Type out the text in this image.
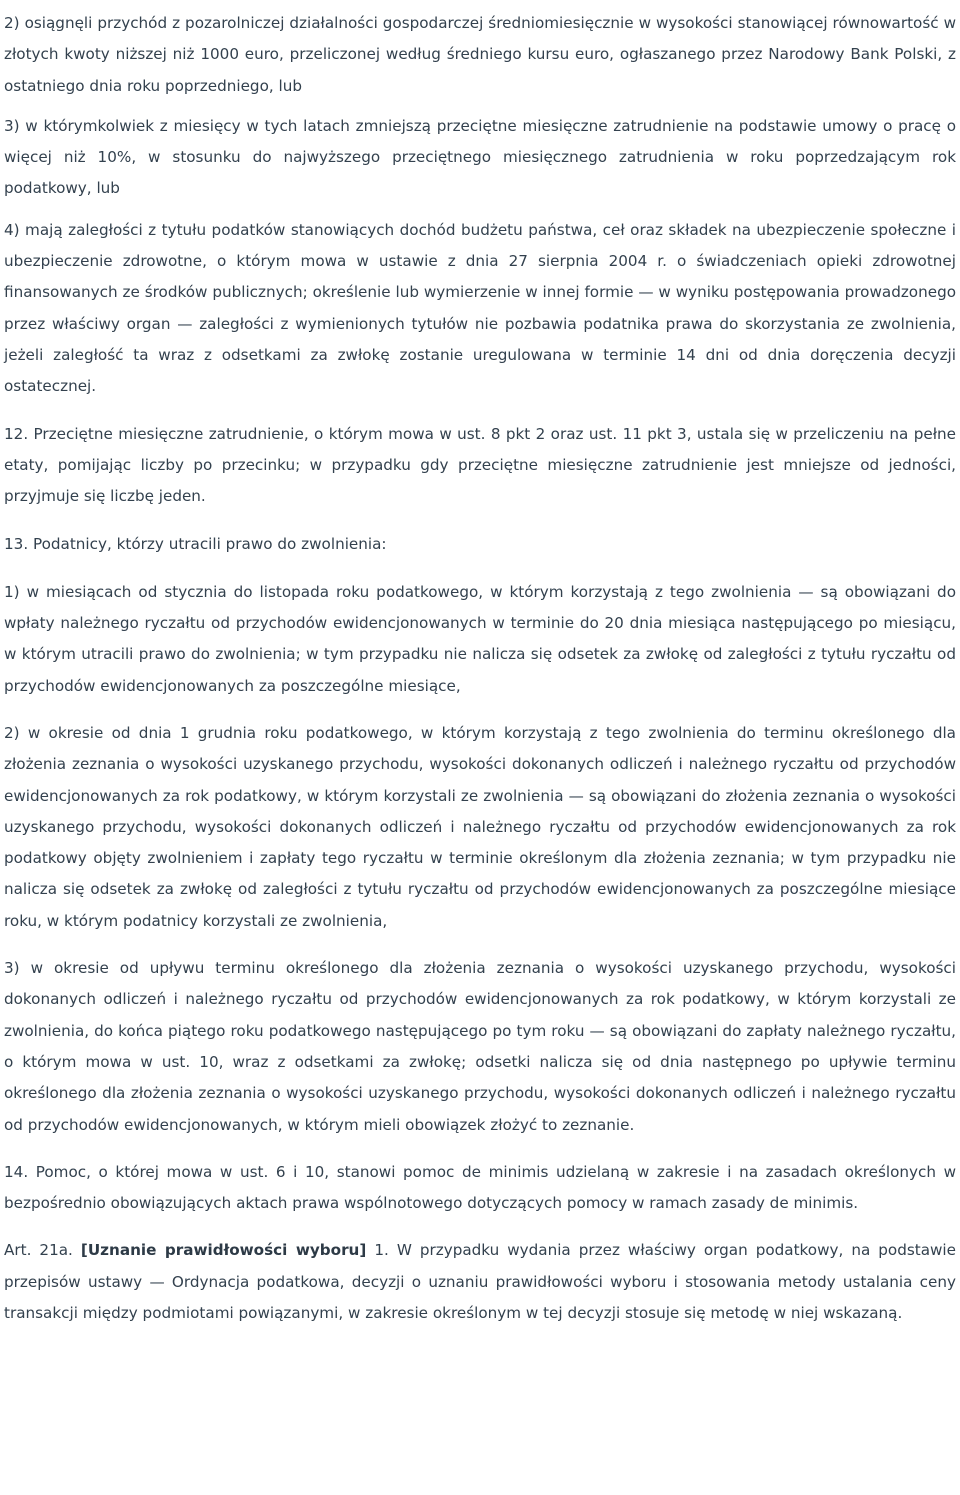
2) osiągnęli przychód z pozarolniczej działalności gospodarczej średniomiesięcznie w wysokości stanowiącej równowartość w złotych kwoty niższej niż 1000 euro, przeliczonej według średniego kursu euro, ogłaszanego przez Narodowy Bank Polski, z ostatniego dnia roku poprzedniego, lub

3) w którymkolwiek z miesięcy w tych latach zmniejszą przeciętne miesięczne zatrudnienie na podstawie umowy o pracę o więcej niż 10%, w stosunku do najwyższego przeciętnego miesięcznego zatrudnienia w roku poprzedzającym rok podatkowy, lub

4) mają zaległości z tytułu podatków stanowiących dochód budżetu państwa, ceł oraz składek na ubezpieczenie społeczne i ubezpieczenie zdrowotne, o którym mowa w ustawie z dnia 27 sierpnia 2004 r. o świadczeniach opieki zdrowotnej finansowanych ze środków publicznych; określenie lub wymierzenie w innej formie — w wyniku postępowania prowadzonego przez właściwy organ — zaległości z wymienionych tytułów nie pozbawia podatnika prawa do skorzystania ze zwolnienia, jeżeli zaległość ta wraz z odsetkami za zwłokę zostanie uregulowana w terminie 14 dni od dnia doręczenia decyzji ostatecznej.

12. Przeciętne miesięczne zatrudnienie, o którym mowa w ust. 8 pkt 2 oraz ust. 11 pkt 3, ustala się w przeliczeniu na pełne etaty, pomijając liczby po przecinku; w przypadku gdy przeciętne miesięczne zatrudnienie jest mniejsze od jedności, przyjmuje się liczbę jeden.

13. Podatnicy, którzy utracili prawo do zwolnienia:

1) w miesiącach od stycznia do listopada roku podatkowego, w którym korzystają z tego zwolnienia — są obowiązani do wpłaty należnego ryczałtu od przychodów ewidencjonowanych w terminie do 20 dnia miesiąca następującego po miesiącu, w którym utracili prawo do zwolnienia; w tym przypadku nie nalicza się odsetek za zwłokę od zaległości z tytułu ryczałtu od przychodów ewidencjonowanych za poszczególne miesiące,

2) w okresie od dnia 1 grudnia roku podatkowego, w którym korzystają z tego zwolnienia do terminu określonego dla złożenia zeznania o wysokości uzyskanego przychodu, wysokości dokonanych odliczeń i należnego ryczałtu od przychodów ewidencjonowanych za rok podatkowy, w którym korzystali ze zwolnienia — są obowiązani do złożenia zeznania o wysokości uzyskanego przychodu, wysokości dokonanych odliczeń i należnego ryczałtu od przychodów ewidencjonowanych za rok podatkowy objęty zwolnieniem i zapłaty tego ryczałtu w terminie określonym dla złożenia zeznania; w tym przypadku nie nalicza się odsetek za zwłokę od zaległości z tytułu ryczałtu od przychodów ewidencjonowanych za poszczególne miesiące roku, w którym podatnicy korzystali ze zwolnienia,

3) w okresie od upływu terminu określonego dla złożenia zeznania o wysokości uzyskanego przychodu, wysokości dokonanych odliczeń i należnego ryczałtu od przychodów ewidencjonowanych za rok podatkowy, w którym korzystali ze zwolnienia, do końca piątego roku podatkowego następującego po tym roku — są obowiązani do zapłaty należnego ryczałtu, o którym mowa w ust. 10, wraz z odsetkami za zwłokę; odsetki nalicza się od dnia następnego po upływie terminu określonego dla złożenia zeznania o wysokości uzyskanego przychodu, wysokości dokonanych odliczeń i należnego ryczałtu od przychodów ewidencjonowanych, w którym mieli obowiązek złożyć to zeznanie.

14. Pomoc, o której mowa w ust. 6 i 10, stanowi pomoc de minimis udzielaną w zakresie i na zasadach określonych w bezpośrednio obowiązujących aktach prawa wspólnotowego dotyczących pomocy w ramach zasady de minimis.

Art. 21a. [Uznanie prawidłowości wyboru] 1. W przypadku wydania przez właściwy organ podatkowy, na podstawie przepisów ustawy — Ordynacja podatkowa, decyzji o uznaniu prawidłowości wyboru i stosowania metody ustalania ceny transakcji między podmiotami powiązanymi, w zakresie określonym w tej decyzji stosuje się metodę w niej wskazaną.
